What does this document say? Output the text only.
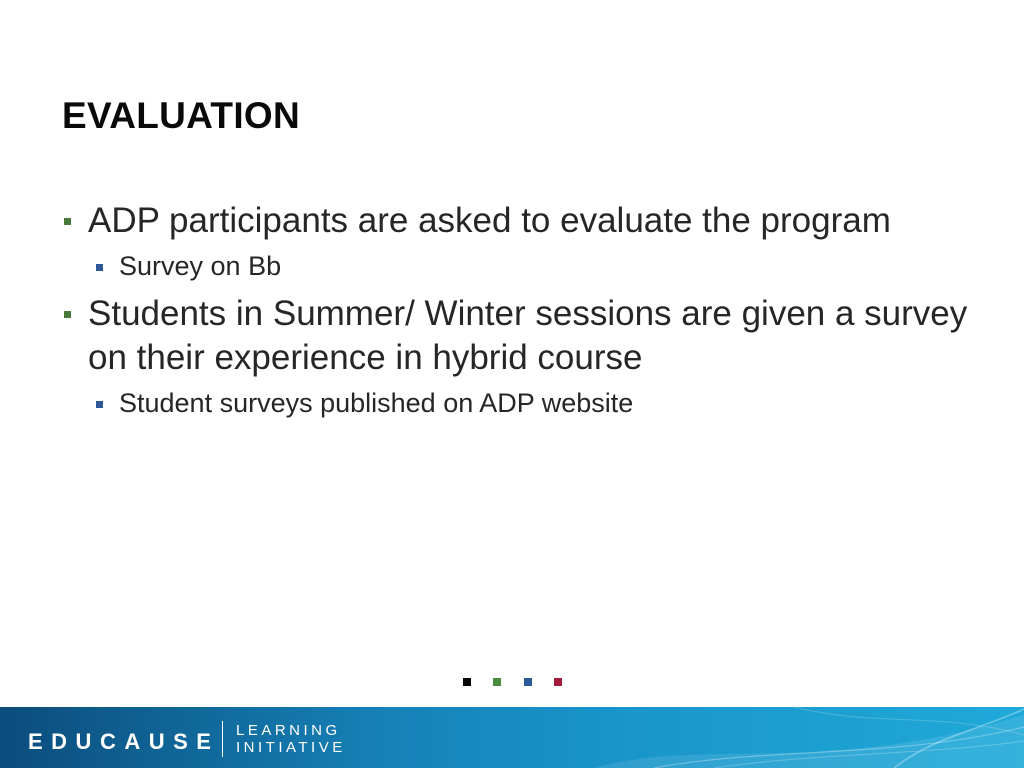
EVALUATION
ADP participants are asked to evaluate the program
Survey on Bb
Students in Summer/ Winter sessions are given a survey on their experience in hybrid course
Student surveys published on ADP website
EDUCAUSE LEARNING
INITIATIVE
